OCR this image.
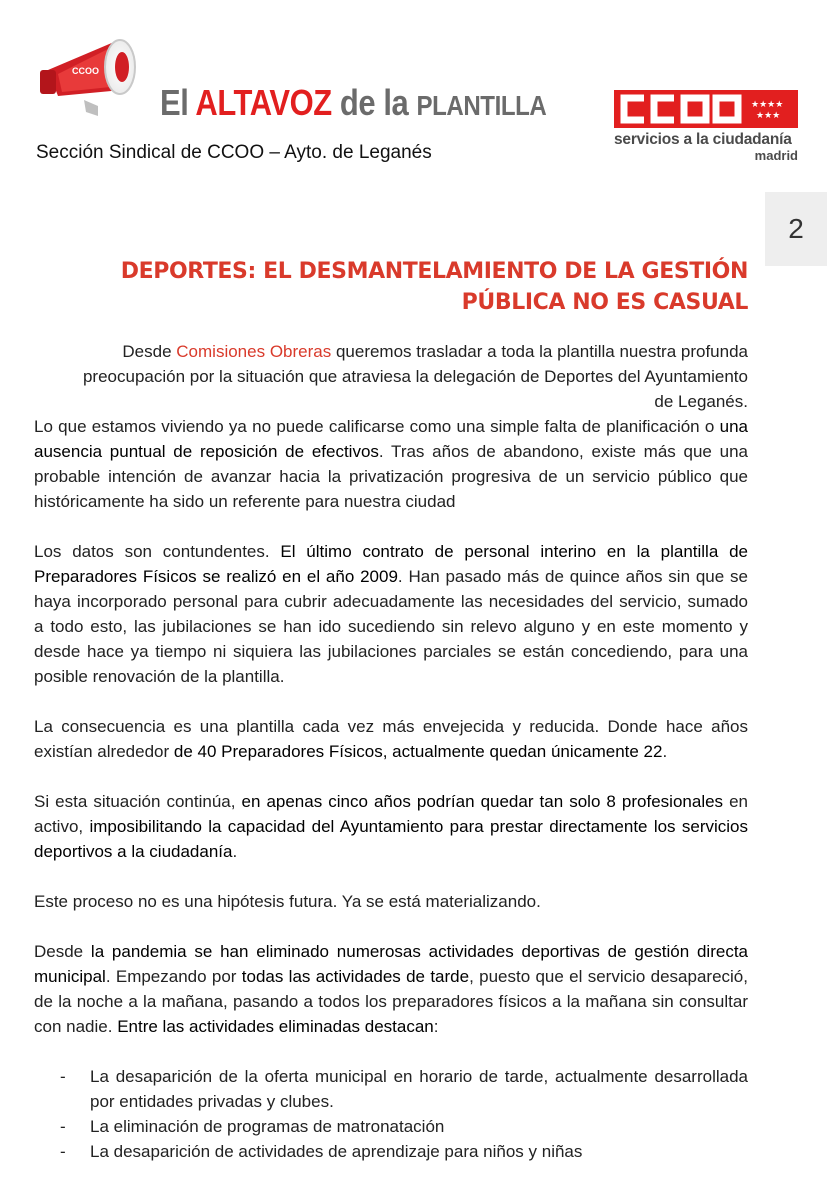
CCOO
El ALTAVOZ de la PLANTILLA
Sección Sindical de CCOO – Ayto. de Leganés
★★★★
★★★
servicios a la ciudadanía
madrid
2
DEPORTES: EL DESMANTELAMIENTO DE LA GESTIÓN PÚBLICA NO ES CASUAL

Desde Comisiones Obreras queremos trasladar a toda la plantilla nuestra profunda preocupación por la situación que atraviesa la delegación de Deportes del Ayuntamiento de Leganés.

Lo que estamos viviendo ya no puede calificarse como una simple falta de planificación o una ausencia puntual de reposición de efectivos. Tras años de abandono, existe más que una probable intención de avanzar hacia la privatización progresiva de un servicio público que históricamente ha sido un referente para nuestra ciudad

Los datos son contundentes. El último contrato de personal interino en la plantilla de Preparadores Físicos se realizó en el año 2009. Han pasado más de quince años sin que se haya incorporado personal para cubrir adecuadamente las necesidades del servicio, sumado a todo esto, las jubilaciones se han ido sucediendo sin relevo alguno y en este momento y desde hace ya tiempo ni siquiera las jubilaciones parciales se están concediendo, para una posible renovación de la plantilla.

La consecuencia es una plantilla cada vez más envejecida y reducida. Donde hace años existían alrededor de 40 Preparadores Físicos, actualmente quedan únicamente 22.

Si esta situación continúa, en apenas cinco años podrían quedar tan solo 8 profesionales en activo, imposibilitando la capacidad del Ayuntamiento para prestar directamente los servicios deportivos a la ciudadanía.

Este proceso no es una hipótesis futura. Ya se está materializando.

Desde la pandemia se han eliminado numerosas actividades deportivas de gestión directa municipal. Empezando por todas las actividades de tarde, puesto que el servicio desapareció, de la noche a la mañana, pasando a todos los preparadores físicos a la mañana sin consultar con nadie. Entre las actividades eliminadas destacan:

- La desaparición de la oferta municipal en horario de tarde, actualmente desarrollada por entidades privadas y clubes.
- La eliminación de programas de matronatación
- La desaparición de actividades de aprendizaje para niños y niñas
